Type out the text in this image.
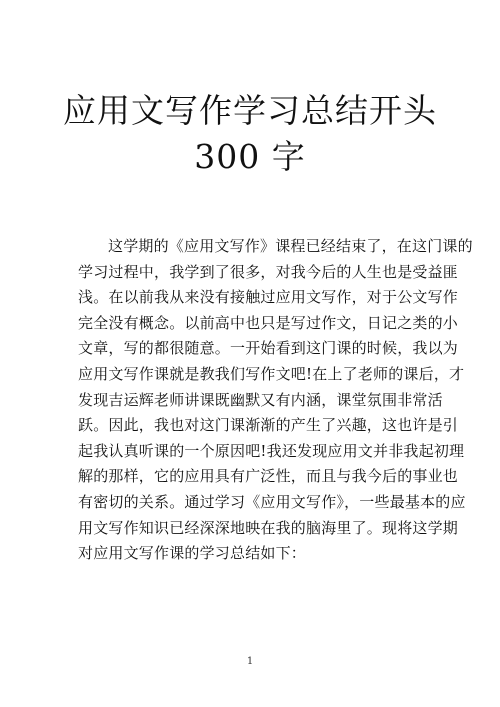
应用文写作学习总结开头
300 字
这学期的《应用文写作》课程已经结束了，在这门课的
学习过程中，我学到了很多，对我今后的人生也是受益匪
浅。在以前我从来没有接触过应用文写作，对于公文写作
完全没有概念。以前高中也只是写过作文，日记之类的小
文章，写的都很随意。一开始看到这门课的时候，我以为
应用文写作课就是教我们写作文吧!在上了老师的课后，才
发现吉运辉老师讲课既幽默又有内涵，课堂氛围非常活
跃。因此，我也对这门课渐渐的产生了兴趣，这也许是引
起我认真听课的一个原因吧!我还发现应用文并非我起初理
解的那样，它的应用具有广泛性，而且与我今后的事业也
有密切的关系。通过学习《应用文写作》，一些最基本的应
用文写作知识已经深深地映在我的脑海里了。现将这学期
对应用文写作课的学习总结如下：
1
